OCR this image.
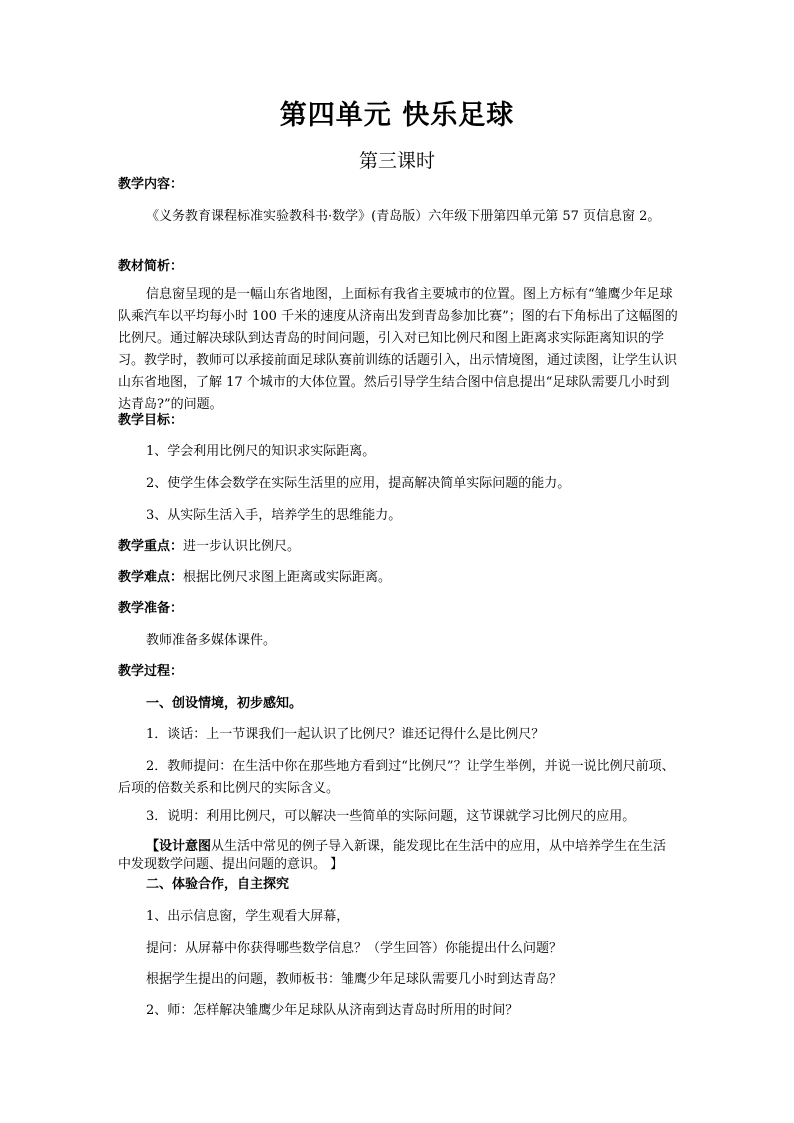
第四单元 快乐足球
第三课时
教学内容：
《义务教育课程标准实验教科书·数学》(青岛版）六年级下册第四单元第 57 页信息窗 2。
教材简析：
信息窗呈现的是一幅山东省地图，上面标有我省主要城市的位置。图上方标有“雏鹰少年足球队乘汽车以平均每小时 100 千米的速度从济南出发到青岛参加比赛”；图的右下角标出了这幅图的比例尺。通过解决球队到达青岛的时间问题，引入对已知比例尺和图上距离求实际距离知识的学习。教学时，教师可以承接前面足球队赛前训练的话题引入，出示情境图，通过读图，让学生认识山东省地图，了解 17 个城市的大体位置。然后引导学生结合图中信息提出“足球队需要几小时到达青岛?”的问题。
教学目标：
1、学会利用比例尺的知识求实际距离。
2、使学生体会数学在实际生活里的应用，提高解决简单实际问题的能力。
3、从实际生活入手，培养学生的思维能力。
教学重点：进一步认识比例尺。
教学难点：根据比例尺求图上距离或实际距离。
教学准备：
教师准备多媒体课件。
教学过程：
一、创设情境，初步感知。
1．谈话：上一节课我们一起认识了比例尺？谁还记得什么是比例尺？
2．教师提问：在生活中你在那些地方看到过“比例尺”？让学生举例，并说一说比例尺前项、后项的倍数关系和比例尺的实际含义。
3．说明：利用比例尺，可以解决一些简单的实际问题，这节课就学习比例尺的应用。
【设计意图从生活中常见的例子导入新课，能发现比在生活中的应用，从中培养学生在生活中发现数学问题、提出问题的意识。 】
二、体验合作，自主探究
1、出示信息窗，学生观看大屏幕，
提问：从屏幕中你获得哪些数学信息？（学生回答）你能提出什么问题？
根据学生提出的问题，教师板书：雏鹰少年足球队需要几小时到达青岛？
2、师：怎样解决雏鹰少年足球队从济南到达青岛时所用的时间？
